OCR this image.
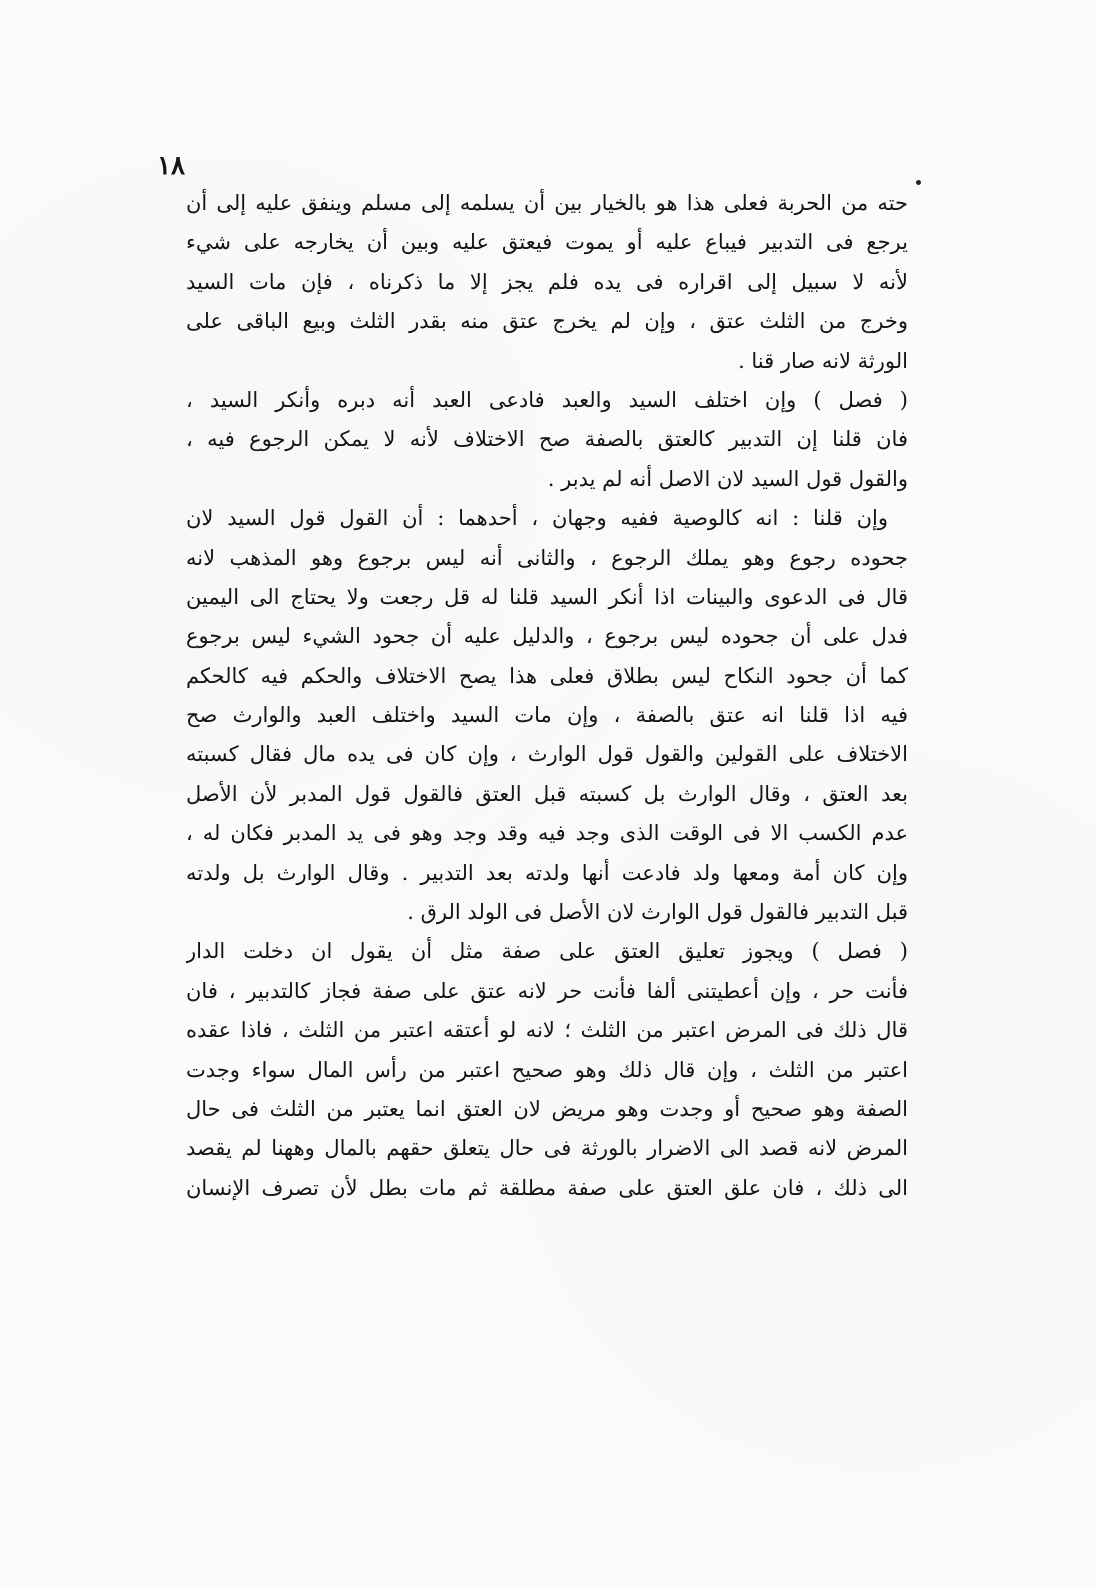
١٨
حته من الحربة فعلى هذا هو بالخيار بين أن يسلمه إلى مسلم وينفق عليه إلى أن
يرجع فى التدبير فيباع عليه أو يموت فيعتق عليه وبين أن يخارجه على شيء
لأنه لا سبيل إلى اقراره فى يده فلم يجز إلا ما ذكرناه ، فإن مات السيد
وخرج من الثلث عتق ، وإن لم يخرج عتق منه بقدر الثلث وبيع الباقى على
الورثة لانه صار قنا .
( فصل ) وإن اختلف السيد والعبد فادعى العبد أنه دبره وأنكر السيد ،
فان قلنا إن التدبير كالعتق بالصفة صح الاختلاف لأنه لا يمكن الرجوع فيه ،
والقول قول السيد لان الاصل أنه لم يدبر .
وإن قلنا : انه كالوصية ففيه وجهان ، أحدهما : أن القول قول السيد لان
جحوده رجوع وهو يملك الرجوع ، والثانى أنه ليس برجوع وهو المذهب لانه
قال فى الدعوى والبينات اذا أنكر السيد قلنا له قل رجعت ولا يحتاج الى اليمين
فدل على أن جحوده ليس برجوع ، والدليل عليه أن جحود الشيء ليس برجوع
كما أن جحود النكاح ليس بطلاق فعلى هذا يصح الاختلاف والحكم فيه كالحكم
فيه اذا قلنا انه عتق بالصفة ، وإن مات السيد واختلف العبد والوارث صح
الاختلاف على القولين والقول قول الوارث ، وإن كان فى يده مال فقال كسبته
بعد العتق ، وقال الوارث بل كسبته قبل العتق فالقول قول المدبر لأن الأصل
عدم الكسب الا فى الوقت الذى وجد فيه وقد وجد وهو فى يد المدبر فكان له ،
وإن كان أمة ومعها ولد فادعت أنها ولدته بعد التدبير . وقال الوارث بل ولدته
قبل التدبير فالقول قول الوارث لان الأصل فى الولد الرق .
( فصل ) ويجوز تعليق العتق على صفة مثل أن يقول ان دخلت الدار
فأنت حر ، وإن أعطيتنى ألفا فأنت حر لانه عتق على صفة فجاز كالتدبير ، فان
قال ذلك فى المرض اعتبر من الثلث ؛ لانه لو أعتقه اعتبر من الثلث ، فاذا عقده
اعتبر من الثلث ، وإن قال ذلك وهو صحيح اعتبر من رأس المال سواء وجدت
الصفة وهو صحيح أو وجدت وهو مريض لان العتق انما يعتبر من الثلث فى حال
المرض لانه قصد الى الاضرار بالورثة فى حال يتعلق حقهم بالمال وههنا لم يقصد
الى ذلك ، فان علق العتق على صفة مطلقة ثم مات بطل لأن تصرف الإنسان
